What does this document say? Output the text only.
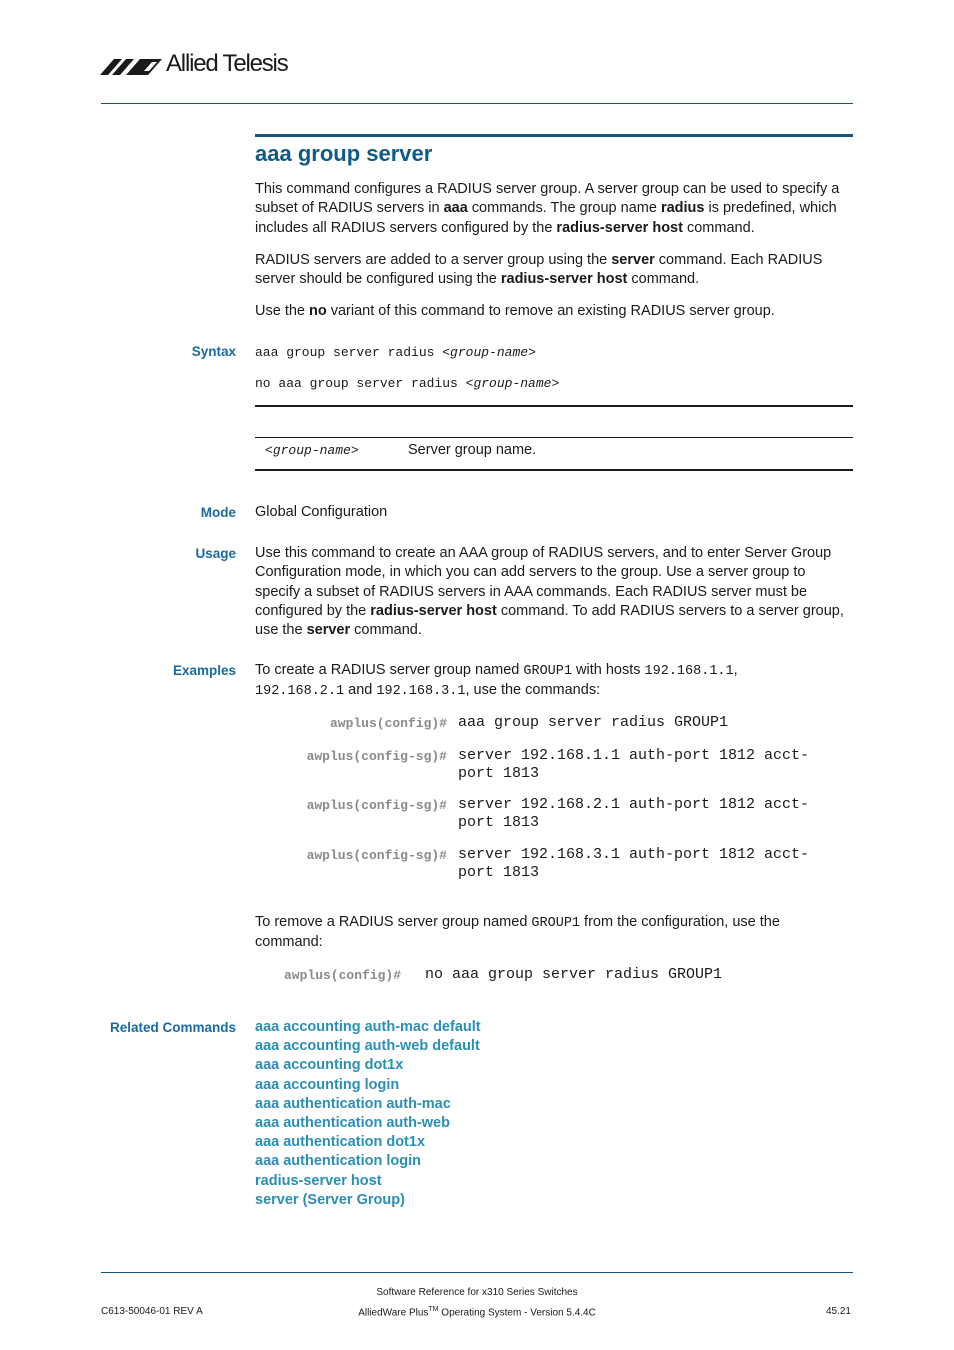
Allied Telesis
aaa group server
This command configures a RADIUS server group. A server group can be used to specify a
subset of RADIUS servers in aaa commands. The group name radius is predefined, which
includes all RADIUS servers configured by the radius-server host command.
RADIUS servers are added to a server group using the server command. Each RADIUS
server should be configured using the radius-server host command.
Use the no variant of this command to remove an existing RADIUS server group.
Syntax aaa group server radius <group-name>
no aaa group server radius <group-name>
<group-name>	Server group name.
Mode Global Configuration
Usage Use this command to create an AAA group of RADIUS servers, and to enter Server Group
Configuration mode, in which you can add servers to the group. Use a server group to
specify a subset of RADIUS servers in AAA commands. Each RADIUS server must be
configured by the radius-server host command. To add RADIUS servers to a server group,
use the server command.
Examples To create a RADIUS server group named GROUP1 with hosts 192.168.1.1,
192.168.2.1 and 192.168.3.1, use the commands:
awplus(config)# aaa group server radius GROUP1
awplus(config-sg)# server 192.168.1.1 auth-port 1812 acct-
port 1813
awplus(config-sg)# server 192.168.2.1 auth-port 1812 acct-
port 1813
awplus(config-sg)# server 192.168.3.1 auth-port 1812 acct-
port 1813
To remove a RADIUS server group named GROUP1 from the configuration, use the
command:
awplus(config)# no aaa group server radius GROUP1
Related Commands aaa accounting auth-mac default
aaa accounting auth-web default
aaa accounting dot1x
aaa accounting login
aaa authentication auth-mac
aaa authentication auth-web
aaa authentication dot1x
aaa authentication login
radius-server host
server (Server Group)
Software Reference for x310 Series Switches
C613-50046-01 REV A	AlliedWare Plus™ Operating System - Version 5.4.4C	45.21
